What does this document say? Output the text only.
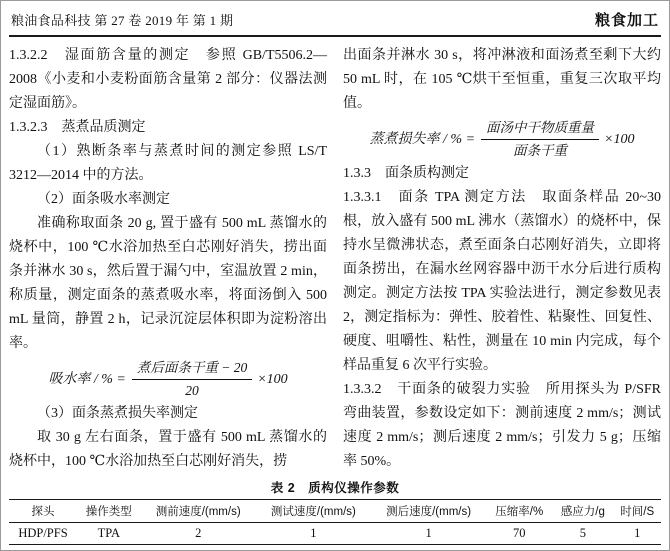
粮油食品科技 第 27 卷 2019 年 第 1 期	粮食加工

1.3.2.2　湿面筋含量的测定　参照 GB/T5506.2—2008《小麦和小麦粉面筋含量第 2 部分：仪器法测定湿面筋》。

1.3.2.3　蒸煮品质测定

（1）熟断条率与蒸煮时间的测定参照 LS/T 3212—2014 中的方法。

（2）面条吸水率测定

准确称取面条 20 g, 置于盛有 500 mL 蒸馏水的烧杯中，100 ℃水浴加热至白芯刚好消失，捞出面条并淋水 30 s，然后置于漏勺中，室温放置 2 min，称质量，测定面条的蒸煮吸水率，将面汤倒入 500 mL 量筒，静置 2 h，记录沉淀层体积即为淀粉溶出率。

吸水率 / % = $\frac{\text{煮后面条干重 − 20}}{20} \times 100$

（3）面条蒸煮损失率测定

取 30 g 左右面条，置于盛有 500 mL 蒸馏水的烧杯中，100 ℃水浴加热至白芯刚好消失，捞

出面条并淋水 30 s，将冲淋液和面汤煮至剩下大约 50 mL 时，在 105 ℃烘干至恒重，重复三次取平均值。

蒸煮损失率 / % = $\frac{\text{面汤中干物质重量}}{\text{面条干重}} \times 100$

1.3.3　面条质构测定

1.3.3.1　面条 TPA 测定方法　取面条样品 20~30 根，放入盛有 500 mL 沸水（蒸馏水）的烧杯中，保持水呈微沸状态，煮至面条白芯刚好消失，立即将面条捞出，在漏水丝网容器中沥干水分后进行质构测定。测定方法按 TPA 实验法进行，测定参数见表 2，测定指标为：弹性、胶着性、粘聚性、回复性、硬度、咀嚼性、粘性，测量在 10 min 内完成，每个样品重复 6 次平行实验。

1.3.3.2　干面条的破裂力实验　所用探头为 P/SFR 弯曲装置，参数设定如下：测前速度 2 mm/s；测试速度 2 mm/s；测后速度 2 mm/s；引发力 5 g；压缩率 50%。

表 2　质构仪操作参数
探头	操作类型	测前速度/(mm/s)	测试速度/(mm/s)	测后速度/(mm/s)	压缩率/%	感应力/g	时间/S
HDP/PFS	TPA	2	1	1	70	5	1
